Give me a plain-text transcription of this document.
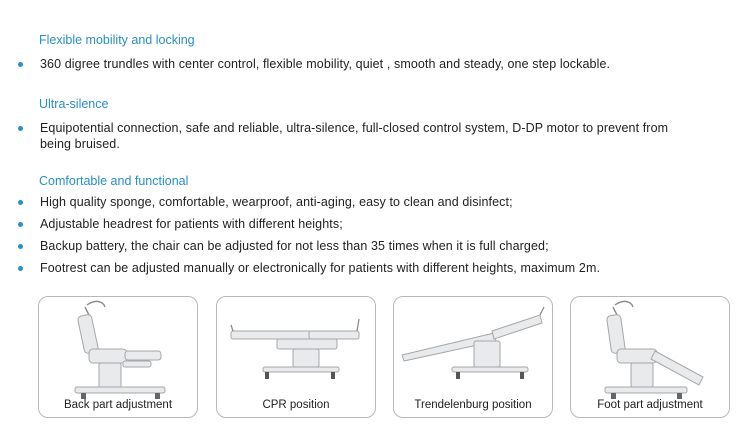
Flexible mobility and locking
360 digree trundles with center control, flexible mobility, quiet , smooth and steady, one step lockable.
Ultra-silence
Equipotential connection, safe and reliable, ultra-silence, full-closed control system, D-DP motor to prevent from being bruised.
Comfortable and functional
High quality sponge, comfortable, wearproof, anti-aging, easy to clean and disinfect;
Adjustable headrest for patients with different heights;
Backup battery, the chair can be adjusted for not less than 35 times when it is full charged;
Footrest can be adjusted manually or electronically for patients with different heights, maximum 2m.
Back part adjustment	CPR position	Trendelenburg position	Foot part adjustment
